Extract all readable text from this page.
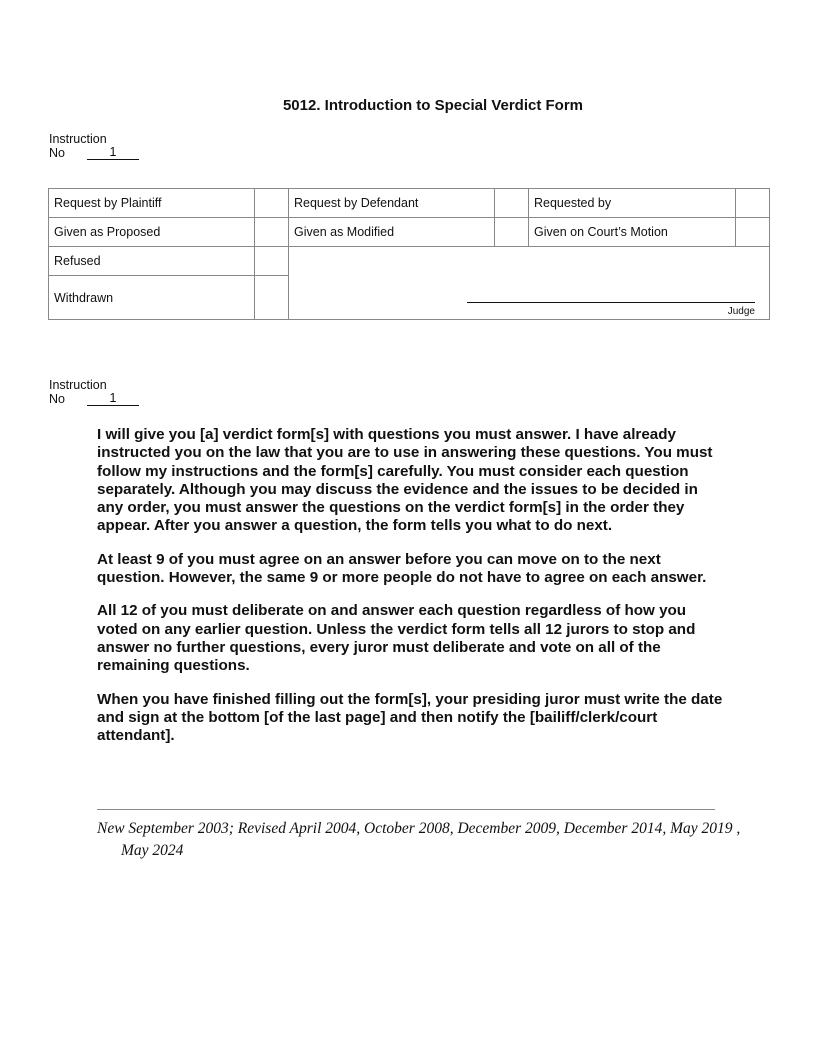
5012. Introduction to Special Verdict Form
Instruction
No	1
Request by Plaintiff		Request by Defendant		Requested by	
Given as Proposed		Given as Modified		Given on Court’s Motion	
Refused		Judge			

Withdrawn					
Instruction
No	1

I will give you [a] verdict form[s] with questions you must answer. I have already instructed you on the law that you are to use in answering these questions. You must follow my instructions and the form[s] carefully. You must consider each question separately. Although you may discuss the evidence and the issues to be decided in any order, you must answer the questions on the verdict form[s] in the order they appear. After you answer a question, the form tells you what to do next.

At least 9 of you must agree on an answer before you can move on to the next question. However, the same 9 or more people do not have to agree on each answer.

All 12 of you must deliberate on and answer each question regardless of how you voted on any earlier question. Unless the verdict form tells all 12 jurors to stop and answer no further questions, every juror must deliberate and vote on all of the remaining questions.

When you have finished filling out the form[s], your presiding juror must write the date and sign at the bottom [of the last page] and then notify the [bailiff/clerk/court attendant].

New September 2003; Revised April 2004, October 2008, December 2009, December 2014, May 2019 , May 2024
